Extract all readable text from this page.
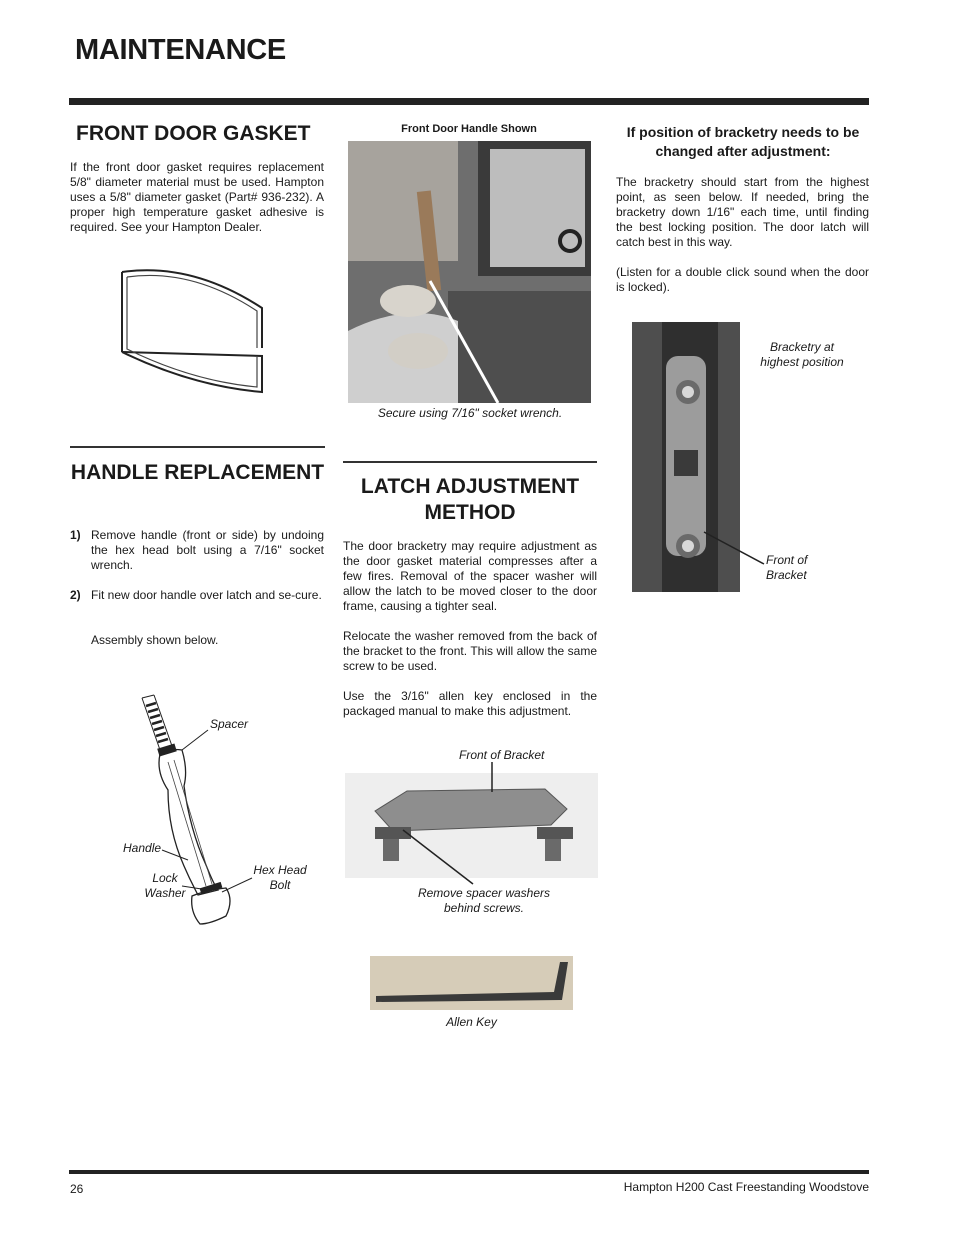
MAINTENANCE
FRONT DOOR GASKET
If the front door gasket requires replacement 5/8" diameter material must be used. Hampton uses a 5/8" diameter gasket (Part# 936-232). A proper high temperature gasket adhesive is required. See your Hampton Dealer.
HANDLE REPLACEMENT
1) Remove handle (front or side) by undoing the hex head bolt using a 7/16" socket wrench.
2) Fit new door handle over latch and se-cure.
Assembly shown below.
Spacer
Handle
Lock Washer
Hex Head Bolt
Front Door Handle Shown
Secure using 7/16" socket wrench.
LATCH ADJUSTMENT METHOD

The door bracketry may require adjustment as the door gasket material compresses after a few fires. Removal of the spacer washer will allow the latch to be moved closer to the door frame, causing a tighter seal.

Relocate the washer removed from the back of the bracket to the front. This will allow the same screw to be used.

Use the 3/16" allen key enclosed in the packaged manual to make this adjustment.

Front of Bracket
Remove spacer washers behind screws.
Allen Key
If position of bracketry needs to be changed after adjustment:

The bracketry should start from the highest point, as seen below. If needed, bring the bracketry down 1/16" each time, until finding the best locking position. The door latch will catch best in this way.

(Listen for a double click sound when the door is locked).

Bracketry at highest position
Front of Bracket
26	Hampton H200 Cast Freestanding Woodstove
